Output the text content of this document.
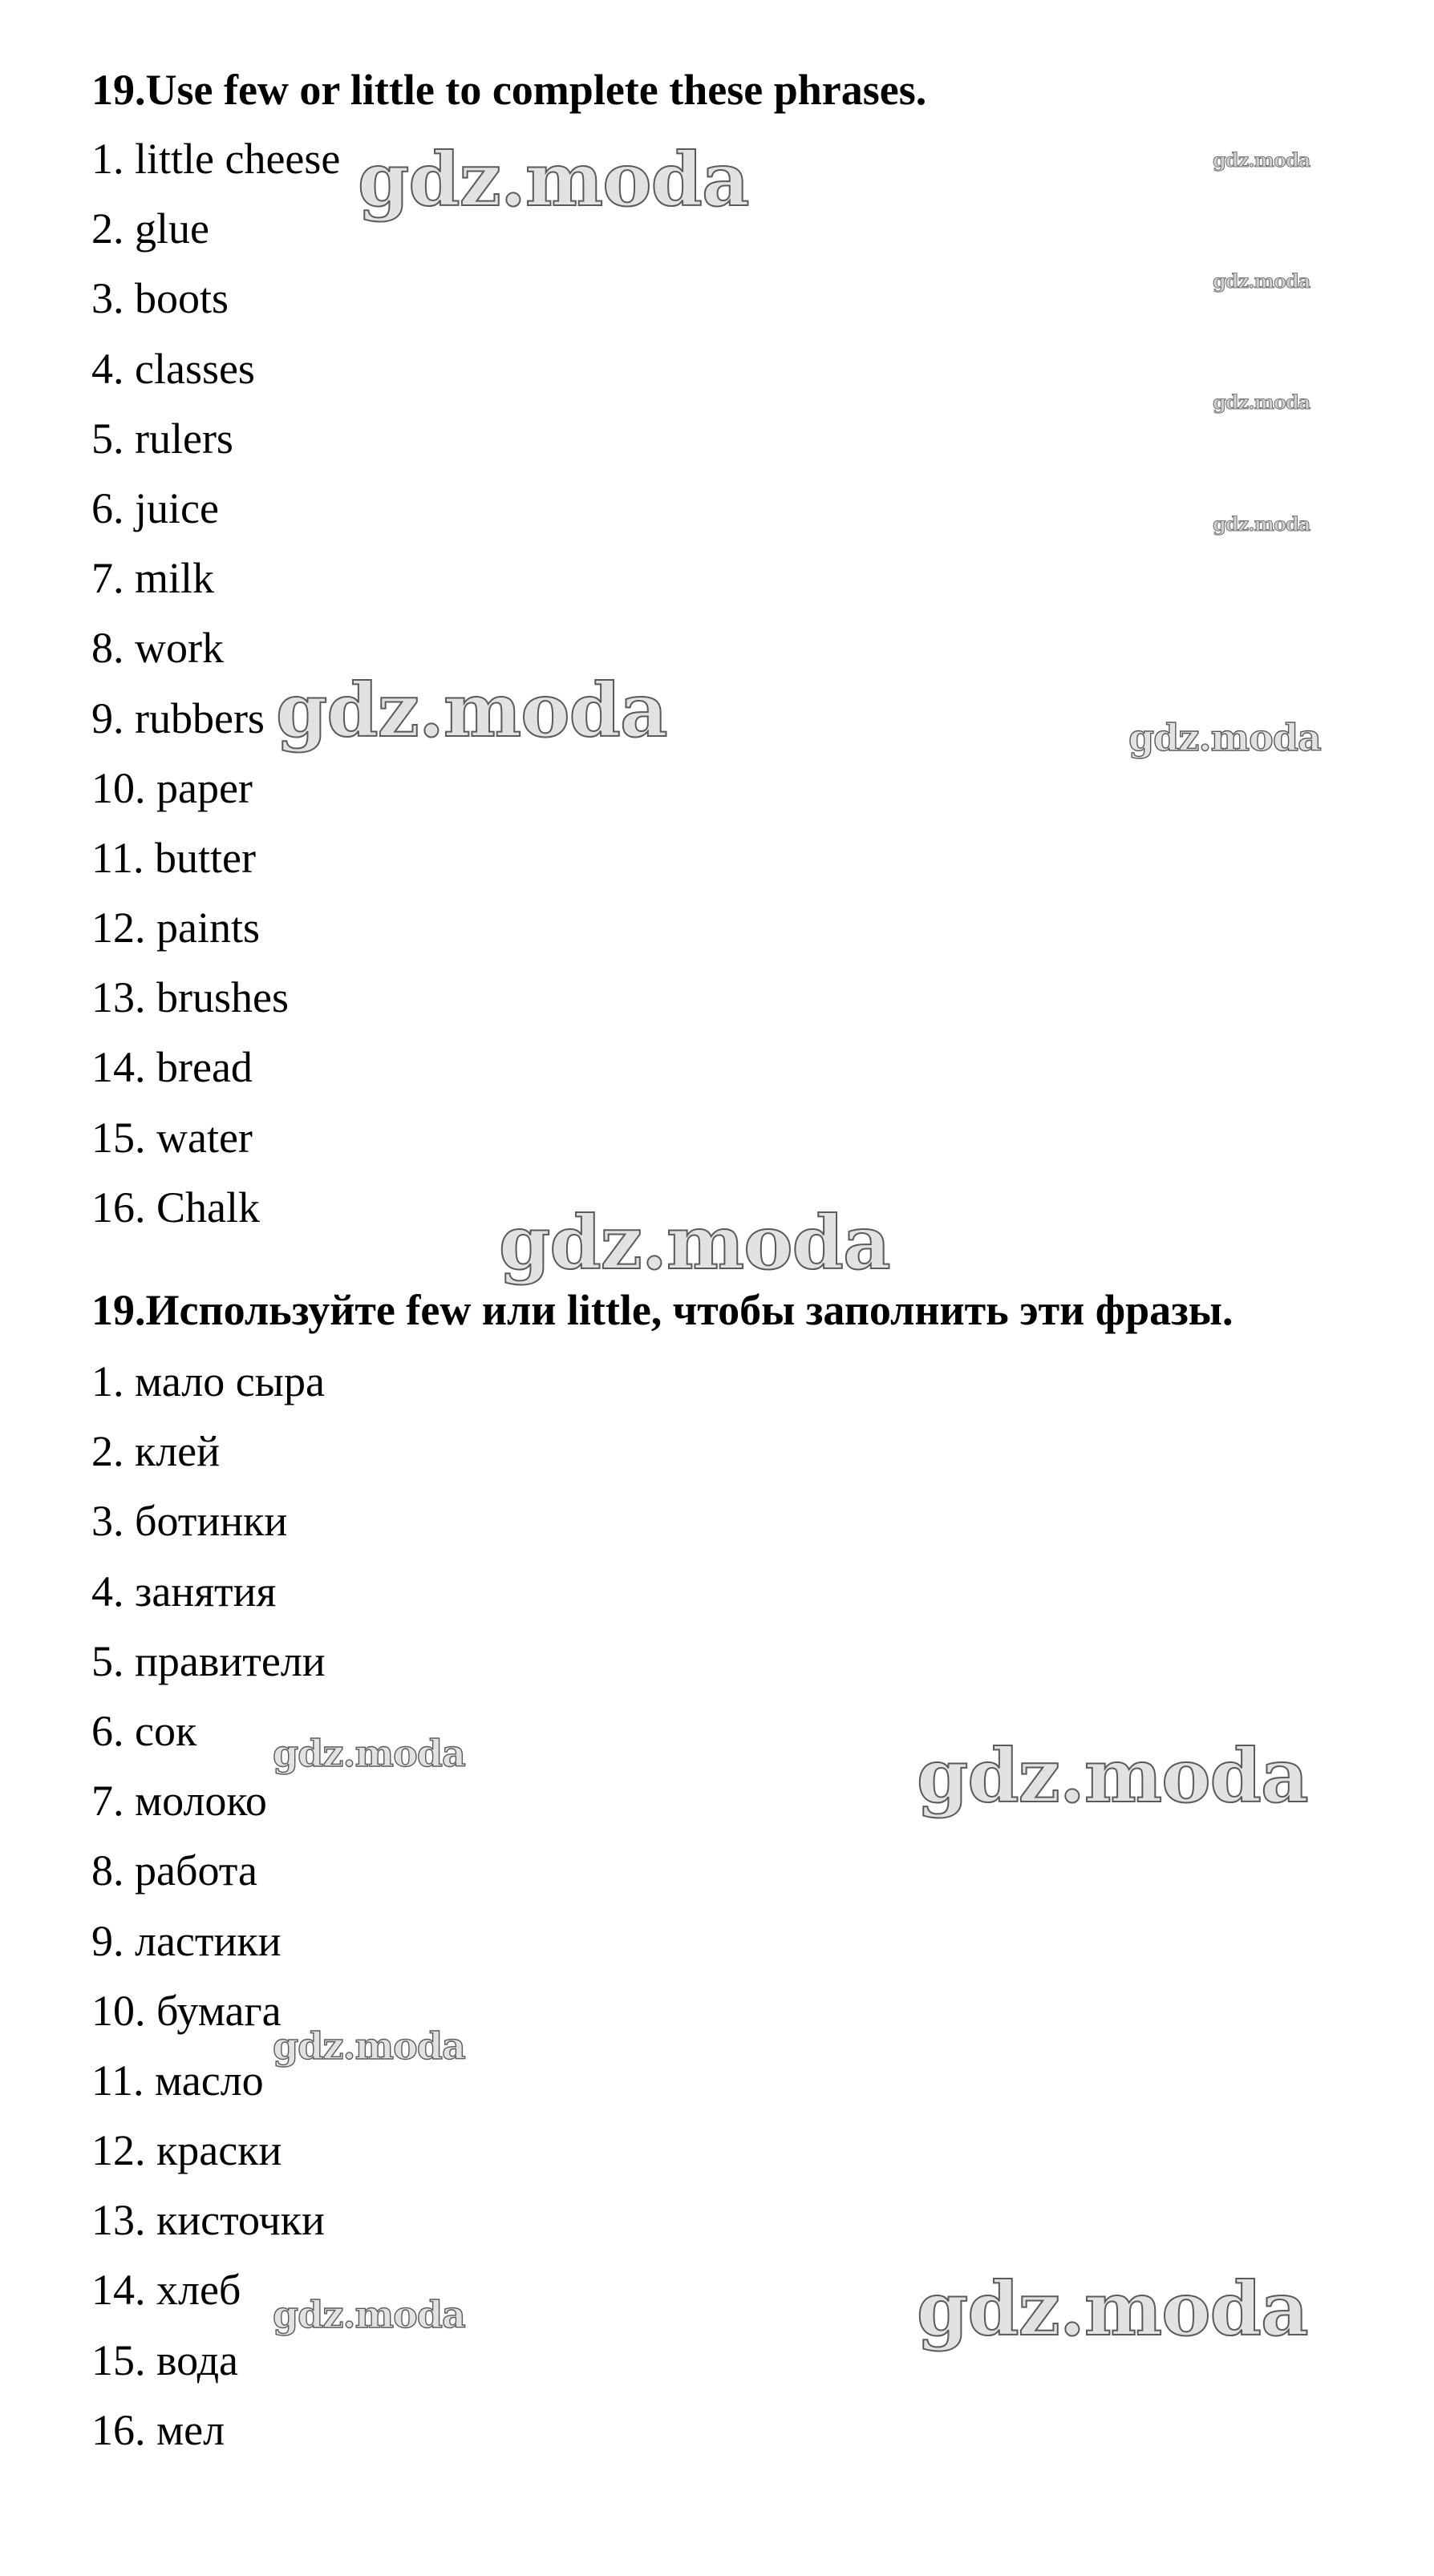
19.Use few or little to complete these phrases.
1. little cheese
2. glue
3. boots
4. classes
5. rulers
6. juice
7. milk
8. work
9. rubbers
10. paper
11. butter
12. paints
13. brushes
14. bread
15. water
16. Chalk
19.Используйте few или little, чтобы заполнить эти фразы.
1. мало сыра
2. клей
3. ботинки
4. занятия
5. правители
6. сок
7. молоко
8. работа
9. ластики
10. бумага
11. масло
12. краски
13. кисточки
14. хлеб
15. вода
16. мел
gdz.moda	gdz.moda
gdz.moda
gdz.moda
gdz.moda
gdz.moda	gdz.moda
gdz.moda
gdz.moda	gdz.moda
gdz.moda
gdz.moda	gdz.moda
